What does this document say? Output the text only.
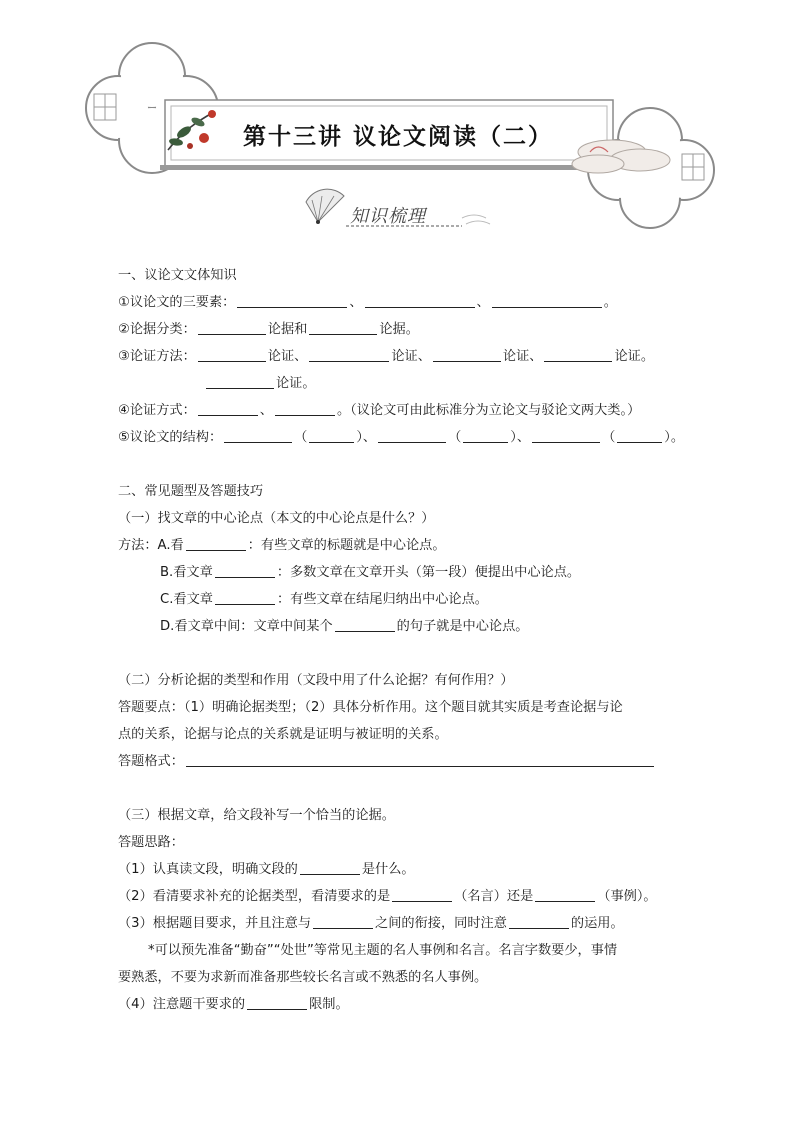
第十三讲 议论文阅读（二）
知识梳理
一、议论文文体知识
①议论文的三要素：	、	、	。
②论据分类：	论据和	论据。
③论证方法：	论证、	论证、	论证、	论证。
论证。
④论证方式：	、	。（议论文可由此标准分为立论文与驳论文两大类。）
⑤议论文的结构：	（	）、	（	）、	（	）。
二、常见题型及答题技巧
（一）找文章的中心论点（本文的中心论点是什么？）
方法：A.看	：有些文章的标题就是中心论点。
B.看文章	：多数文章在文章开头（第一段）便提出中心论点。
C.看文章	：有些文章在结尾归纳出中心论点。
D.看文章中间：文章中间某个	的句子就是中心论点。
（二）分析论据的类型和作用（文段中用了什么论据？有何作用？）
答题要点：（1）明确论据类型；（2）具体分析作用。这个题目就其实质是考查论据与论
点的关系，论据与论点的关系就是证明与被证明的关系。
答题格式：
（三）根据文章，给文段补写一个恰当的论据。
答题思路：
（1）认真读文段，明确文段的	是什么。
（2）看清要求补充的论据类型，看清要求的是	（名言）还是	（事例）。
（3）根据题目要求，并且注意与	之间的衔接，同时注意	的运用。
*可以预先准备“勤奋”“处世”等常见主题的名人事例和名言。名言字数要少，事情
要熟悉，不要为求新而准备那些较长名言或不熟悉的名人事例。
（4）注意题干要求的	限制。
